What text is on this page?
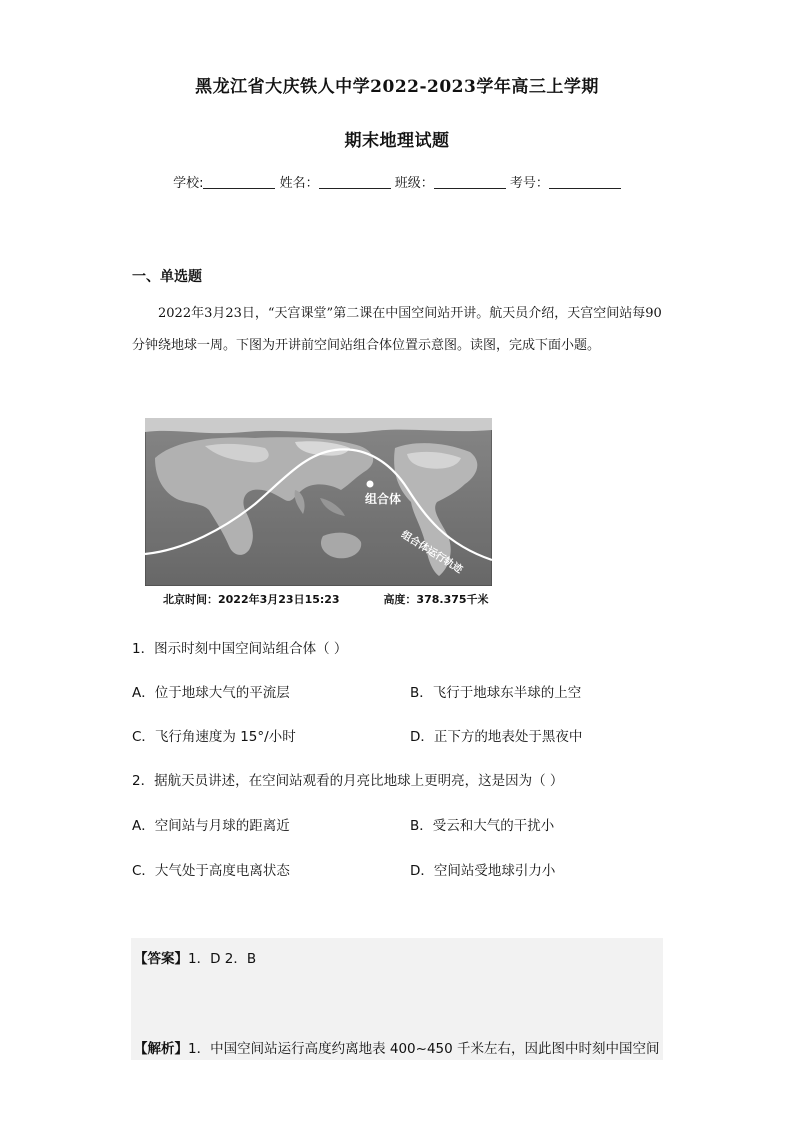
黑龙江省大庆铁人中学2022-2023学年高三上学期
期末地理试题
学校:	姓名：	班级：	考号：
一、单选题
2022年3月23日，“天宫课堂”第二课在中国空间站开讲。航天员介绍，天宫空间站每90分钟绕地球一周。下图为开讲前空间站组合体位置示意图。读图，完成下面小题。
组合体
组合体运行轨迹
北京时间：2022年3月23日15:23	高度：378.375千米
1．图示时刻中国空间站组合体（ ）
A．位于地球大气的平流层	B．飞行于地球东半球的上空
C．飞行角速度为 15°/小时	D．正下方的地表处于黑夜中
2．据航天员讲述，在空间站观看的月亮比地球上更明亮，这是因为（ ）
A．空间站与月球的距离近	B．受云和大气的干扰小
C．大气处于高度电离状态	D．空间站受地球引力小
【答案】1．D 2．B
【解析】1．中国空间站运行高度约离地表 400~450 千米左右，因此图中时刻中国空间
